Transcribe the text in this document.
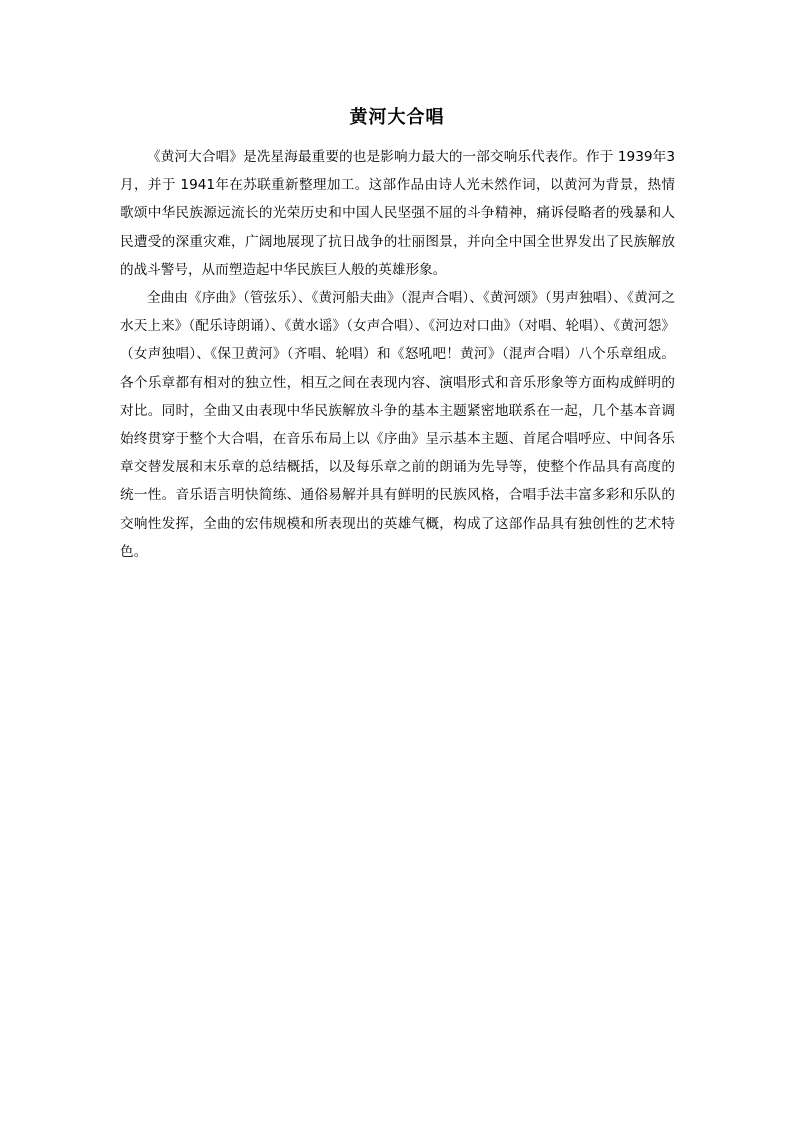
黄河大合唱

《黄河大合唱》是冼星海最重要的也是影响力最大的一部交响乐代表作。作于 1939年3月，并于 1941年在苏联重新整理加工。这部作品由诗人光未然作词，以黄河为背景，热情歌颂中华民族源远流长的光荣历史和中国人民坚强不屈的斗争精神，痛诉侵略者的残暴和人民遭受的深重灾难，广阔地展现了抗日战争的壮丽图景，并向全中国全世界发出了民族解放的战斗警号，从而塑造起中华民族巨人般的英雄形象。

全曲由《序曲》（管弦乐）、《黄河船夫曲》（混声合唱）、《黄河颂》（男声独唱）、《黄河之水天上来》（配乐诗朗诵）、《黄水谣》（女声合唱）、《河边对口曲》（对唱、轮唱）、《黄河怨》（女声独唱）、《保卫黄河》（齐唱、轮唱）和《怒吼吧！黄河》（混声合唱）八个乐章组成。各个乐章都有相对的独立性，相互之间在表现内容、演唱形式和音乐形象等方面构成鲜明的对比。同时，全曲又由表现中华民族解放斗争的基本主题紧密地联系在一起，几个基本音调始终贯穿于整个大合唱，在音乐布局上以《序曲》呈示基本主题、首尾合唱呼应、中间各乐章交替发展和末乐章的总结概括，以及每乐章之前的朗诵为先导等，使整个作品具有高度的统一性。音乐语言明快简练、通俗易解并具有鲜明的民族风格，合唱手法丰富多彩和乐队的交响性发挥，全曲的宏伟规模和所表现出的英雄气概，构成了这部作品具有独创性的艺术特色。
